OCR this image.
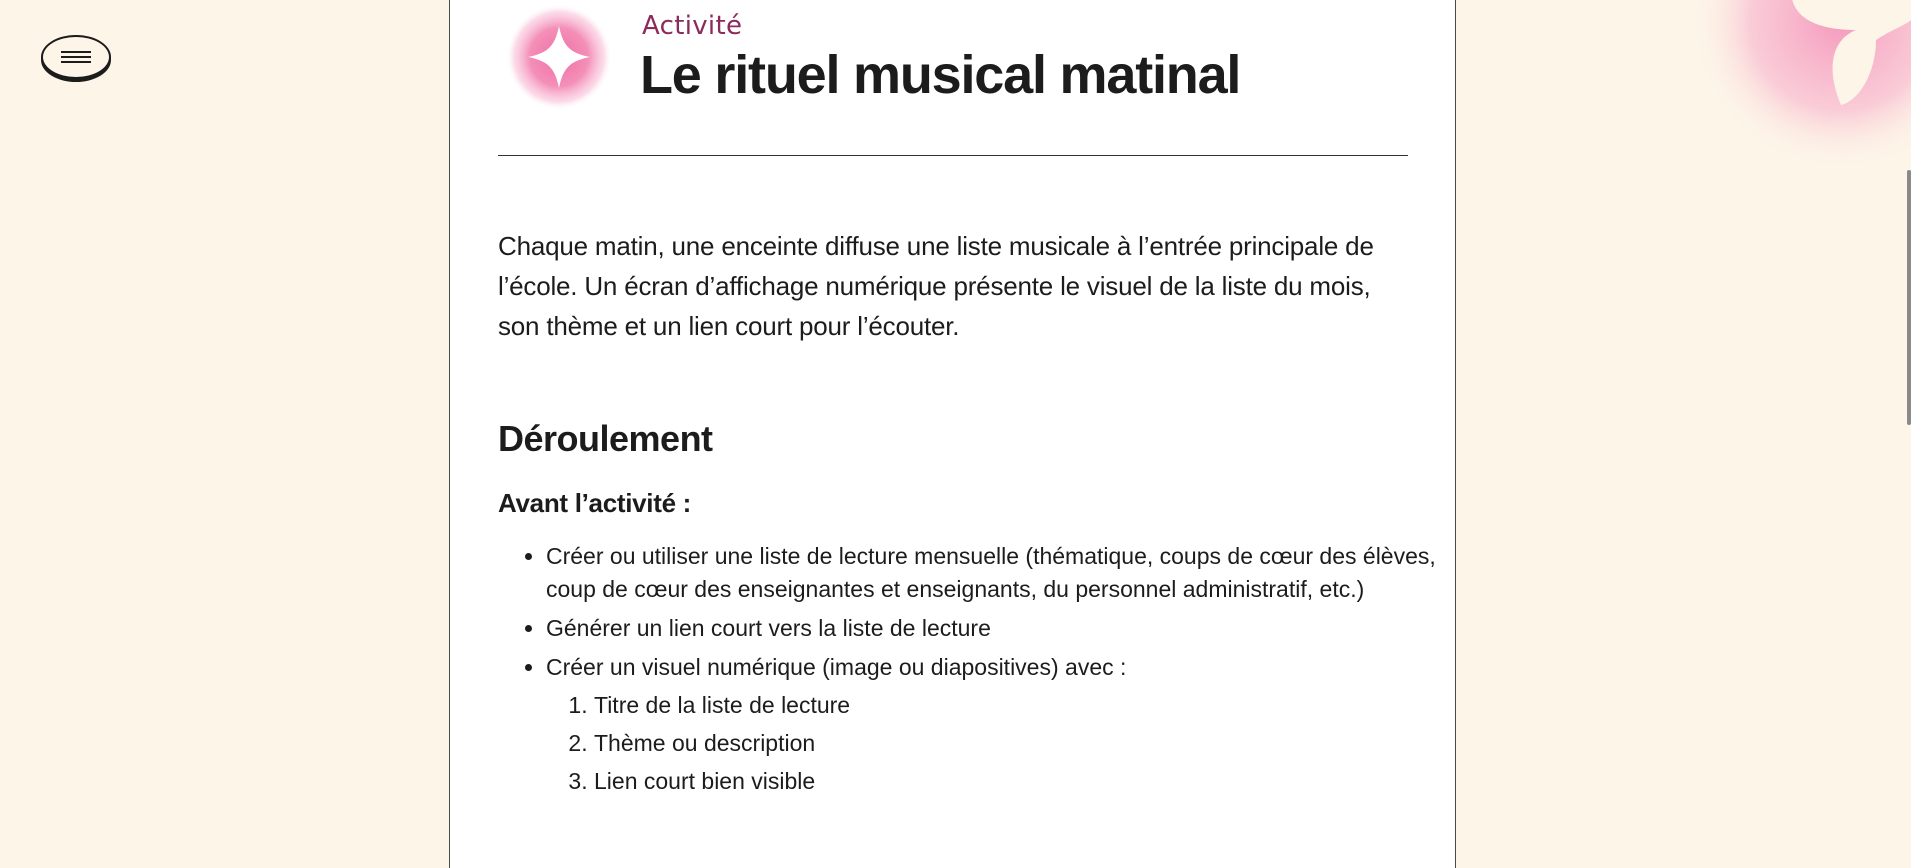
Activité
Le rituel musical matinal

Chaque matin, une enceinte diffuse une liste musicale à l’entrée principale de l’école. Un écran d’affichage numérique présente le visuel de la liste du mois, son thème et un lien court pour l’écouter.

Déroulement
Avant l’activité :
• Créer ou utiliser une liste de lecture mensuelle (thématique, coups de cœur des élèves, coup de cœur des enseignantes et enseignants, du personnel administratif, etc.)
• Générer un lien court vers la liste de lecture
• Créer un visuel numérique (image ou diapositives) avec :
1. Titre de la liste de lecture
2. Thème ou description
3. Lien court bien visible
